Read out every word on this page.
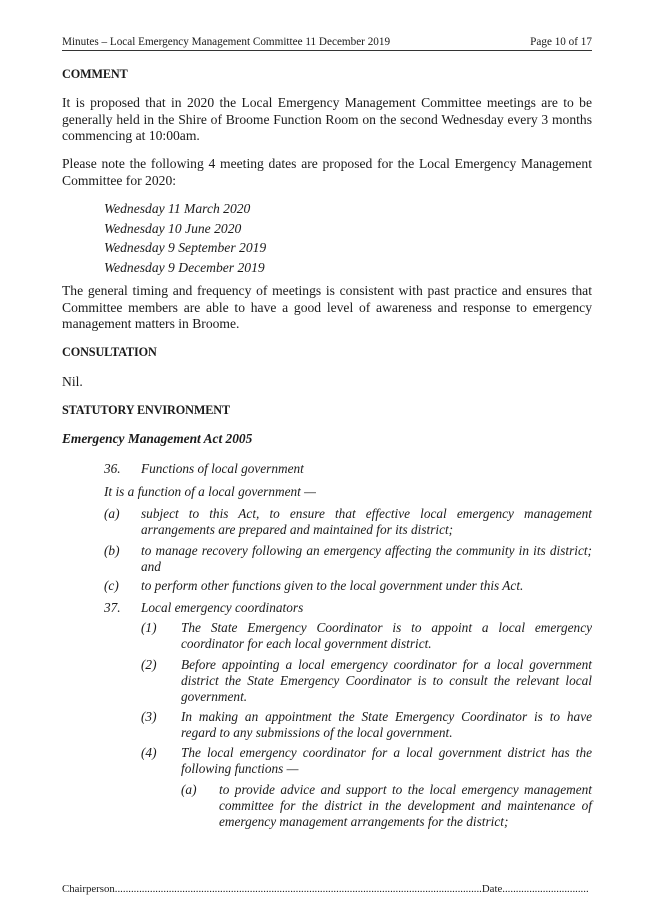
Minutes – Local Emergency Management Committee 11 December 2019	Page 10 of 17
COMMENT
It is proposed that in 2020 the Local Emergency Management Committee meetings are to be generally held in the Shire of Broome Function Room on the second Wednesday every 3 months commencing at 10:00am.
Please note the following 4 meeting dates are proposed for the Local Emergency Management Committee for 2020:
Wednesday 11 March 2020
Wednesday 10 June 2020
Wednesday 9 September 2019
Wednesday 9 December 2019
The general timing and frequency of meetings is consistent with past practice and ensures that Committee members are able to have a good level of awareness and response to emergency management matters in Broome.
CONSULTATION
Nil.
STATUTORY ENVIRONMENT
Emergency Management Act 2005
36. Functions of local government
It is a function of a local government —
(a) subject to this Act, to ensure that effective local emergency management arrangements are prepared and maintained for its district;
(b) to manage recovery following an emergency affecting the community in its district; and
(c) to perform other functions given to the local government under this Act.
37. Local emergency coordinators
(1) The State Emergency Coordinator is to appoint a local emergency coordinator for each local government district.
(2) Before appointing a local emergency coordinator for a local government district the State Emergency Coordinator is to consult the relevant local government.
(3) In making an appointment the State Emergency Coordinator is to have regard to any submissions of the local government.
(4) The local emergency coordinator for a local government district has the following functions —
(a) to provide advice and support to the local emergency management committee for the district in the development and maintenance of emergency management arrangements for the district;
Chairperson........................................................................................................................................Date................................
